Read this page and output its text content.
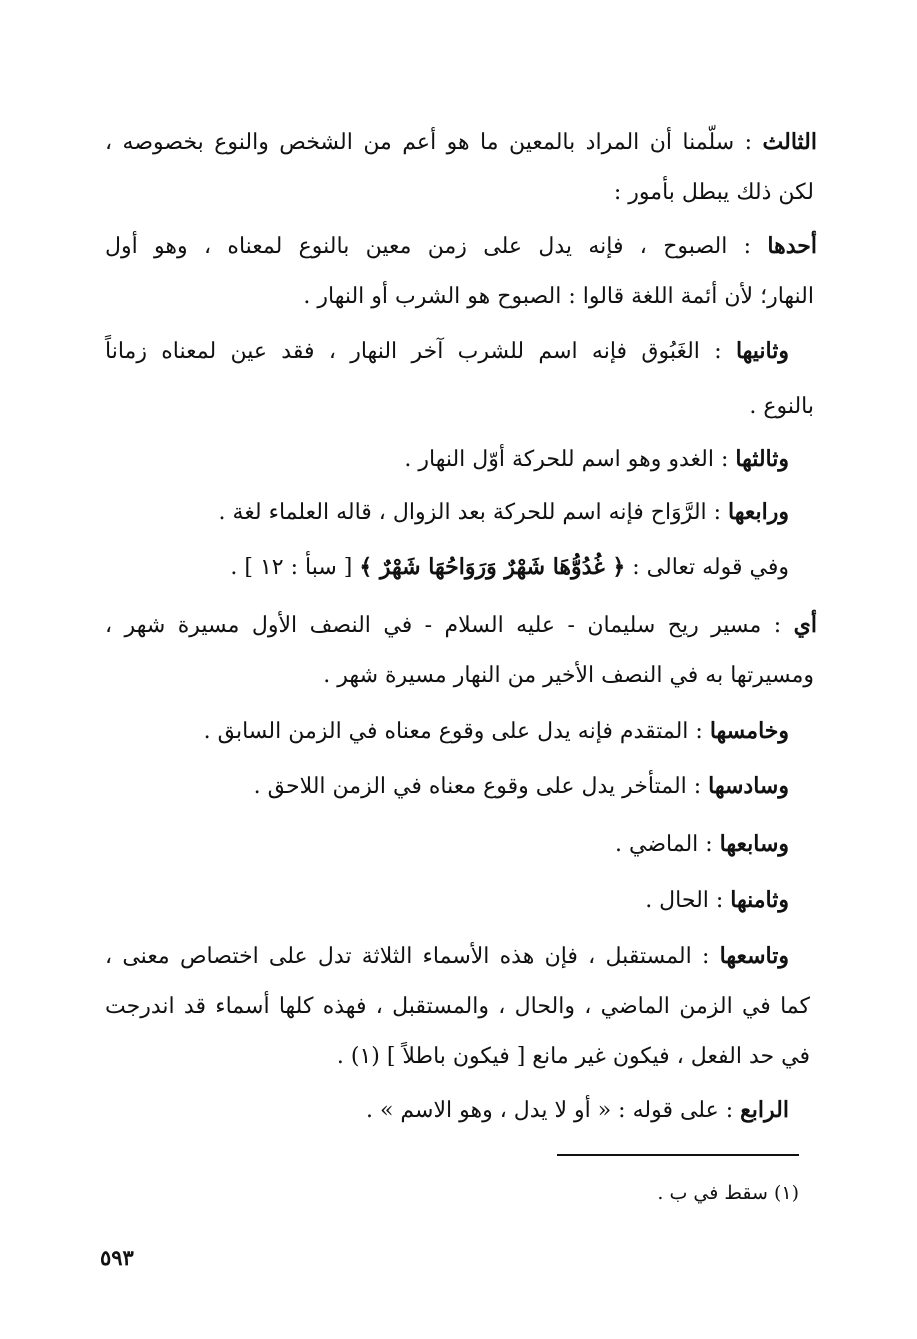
الثالث : سلّمنا أن المراد بالمعين ما هو أعم من الشخص والنوع بخصوصه ،
لكن ذلك يبطل بأمور :
أحدها : الصبوح ، فإنه يدل على زمن معين بالنوع لمعناه ، وهو أول
النهار؛ لأن أئمة اللغة قالوا : الصبوح هو الشرب أو النهار .
وثانيها : الغَبُوق فإنه اسم للشرب آخر النهار ، فقد عين لمعناه زماناً
بالنوع .
وثالثها : الغدو وهو اسم للحركة أوّل النهار .
ورابعها : الرَّوَاح فإنه اسم للحركة بعد الزوال ، قاله العلماء لغة .
وفي قوله تعالى : ﴿ غُدُوُّهَا شَهْرٌ وَرَوَاحُهَا شَهْرٌ ﴾ [ سبأ : ١٢ ] .
أي : مسير ريح سليمان - عليه السلام - في النصف الأول مسيرة شهر ،
ومسيرتها به في النصف الأخير من النهار مسيرة شهر .
وخامسها : المتقدم فإنه يدل على وقوع معناه في الزمن السابق .
وسادسها : المتأخر يدل على وقوع معناه في الزمن اللاحق .
وسابعها : الماضي .
وثامنها : الحال .
وتاسعها : المستقبل ، فإن هذه الأسماء الثلاثة تدل على اختصاص معنى ،
كما في الزمن الماضي ، والحال ، والمستقبل ، فهذه كلها أسماء قد اندرجت
في حد الفعل ، فيكون غير مانع [ فيكون باطلاً ] (١) .
الرابع : على قوله : « أو لا يدل ، وهو الاسم » .
(١) سقط في ب .
٥٩٣
